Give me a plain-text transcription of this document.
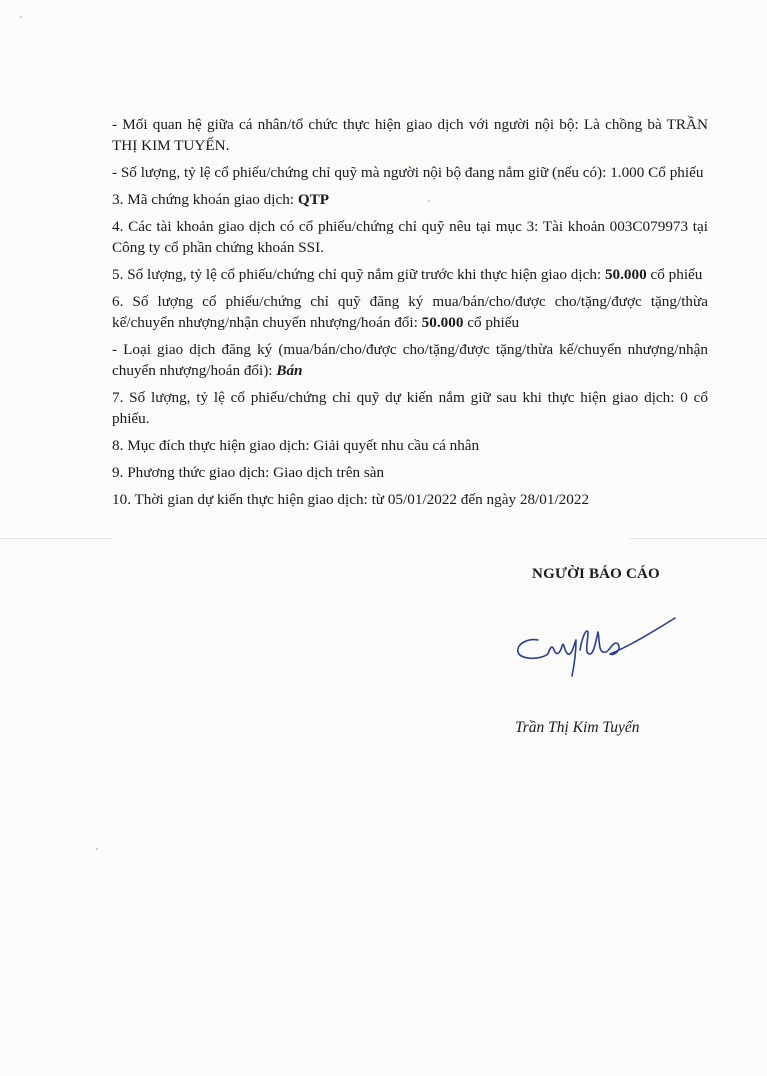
- Mối quan hệ giữa cá nhân/tổ chức thực hiện giao dịch với người nội bộ: Là chồng bà TRẦN THỊ KIM TUYẾN.

- Số lượng, tỷ lệ cổ phiếu/chứng chỉ quỹ mà người nội bộ đang nắm giữ (nếu có): 1.000 Cổ phiếu

3. Mã chứng khoán giao dịch: QTP

4. Các tài khoản giao dịch có cổ phiếu/chứng chỉ quỹ nêu tại mục 3: Tài khoản 003C079973 tại Công ty cổ phần chứng khoán SSI.

5. Số lượng, tỷ lệ cổ phiếu/chứng chỉ quỹ nắm giữ trước khi thực hiện giao dịch: 50.000 cổ phiếu

6. Số lượng cổ phiếu/chứng chỉ quỹ đăng ký mua/bán/cho/được cho/tặng/được tặng/thừa kế/chuyển nhượng/nhận chuyển nhượng/hoán đổi: 50.000 cổ phiếu

- Loại giao dịch đăng ký (mua/bán/cho/được cho/tặng/được tặng/thừa kế/chuyển nhượng/nhận chuyển nhượng/hoán đổi): Bán

7. Số lượng, tỷ lệ cổ phiếu/chứng chỉ quỹ dự kiến nắm giữ sau khi thực hiện giao dịch: 0 cổ phiếu.

8. Mục đích thực hiện giao dịch: Giải quyết nhu cầu cá nhân

9. Phương thức giao dịch: Giao dịch trên sàn

10. Thời gian dự kiến thực hiện giao dịch: từ 05/01/2022 đến ngày 28/01/2022

NGƯỜI BÁO CÁO
Trần Thị Kim Tuyến
